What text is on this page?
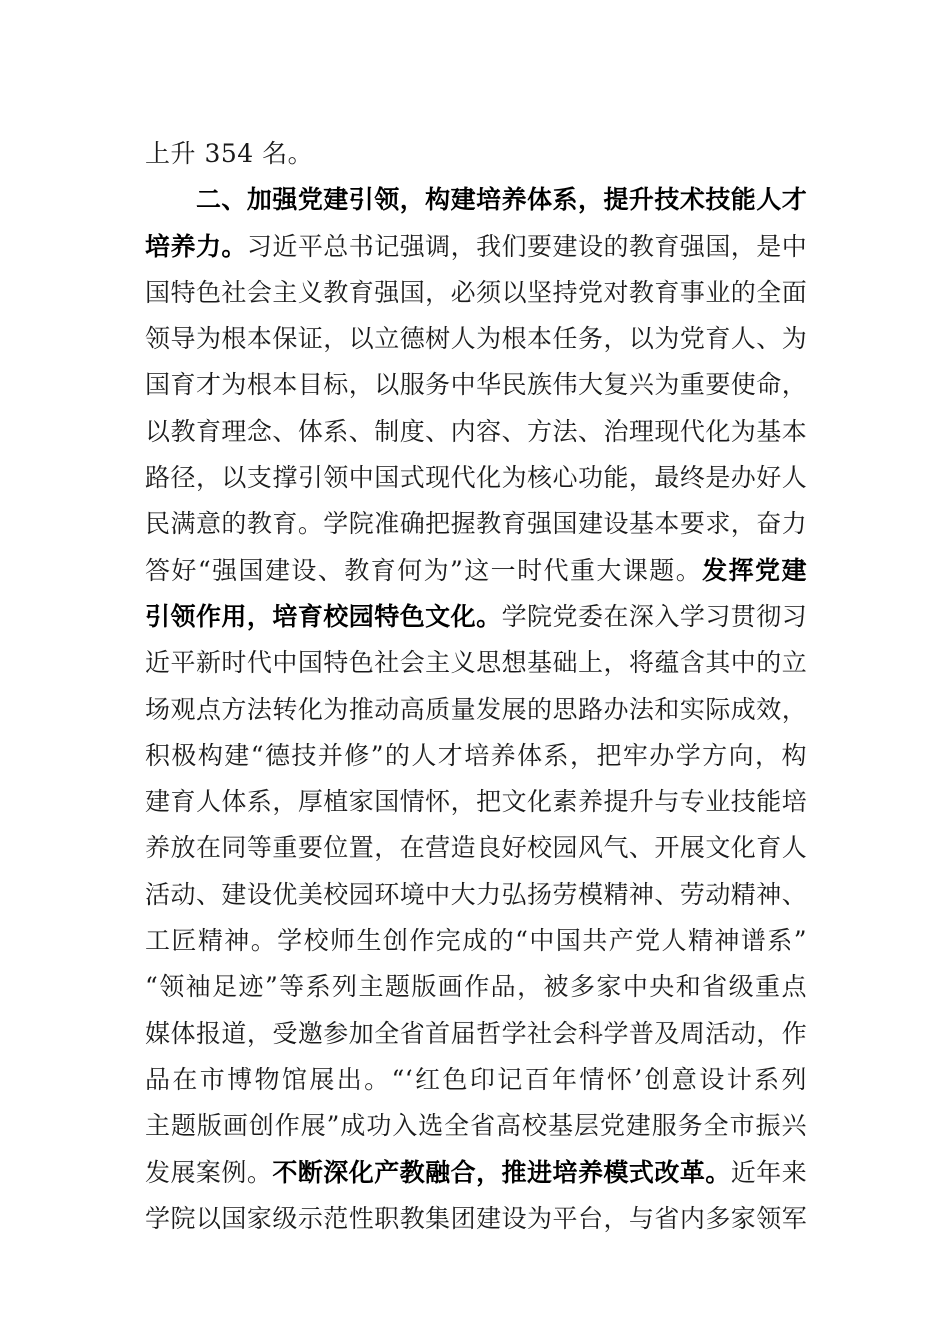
上升 354 名。
　　二、加强党建引领，构建培养体系，提升技术技能人才
培养力。习近平总书记强调，我们要建设的教育强国，是中
国特色社会主义教育强国，必须以坚持党对教育事业的全面
领导为根本保证，以立德树人为根本任务，以为党育人、为
国育才为根本目标，以服务中华民族伟大复兴为重要使命，
以教育理念、体系、制度、内容、方法、治理现代化为基本
路径，以支撑引领中国式现代化为核心功能，最终是办好人
民满意的教育。学院准确把握教育强国建设基本要求，奋力
答好“强国建设、教育何为”这一时代重大课题。发挥党建
引领作用，培育校园特色文化。学院党委在深入学习贯彻习
近平新时代中国特色社会主义思想基础上，将蕴含其中的立
场观点方法转化为推动高质量发展的思路办法和实际成效，
积极构建“德技并修”的人才培养体系，把牢办学方向，构
建育人体系，厚植家国情怀，把文化素养提升与专业技能培
养放在同等重要位置，在营造良好校园风气、开展文化育人
活动、建设优美校园环境中大力弘扬劳模精神、劳动精神、
工匠精神。学校师生创作完成的“中国共产党人精神谱系”
“领袖足迹”等系列主题版画作品，被多家中央和省级重点
媒体报道，受邀参加全省首届哲学社会科学普及周活动，作
品在市博物馆展出。“‘红色印记百年情怀’创意设计系列
主题版画创作展”成功入选全省高校基层党建服务全市振兴
发展案例。不断深化产教融合，推进培养模式改革。近年来
学院以国家级示范性职教集团建设为平台，与省内多家领军
